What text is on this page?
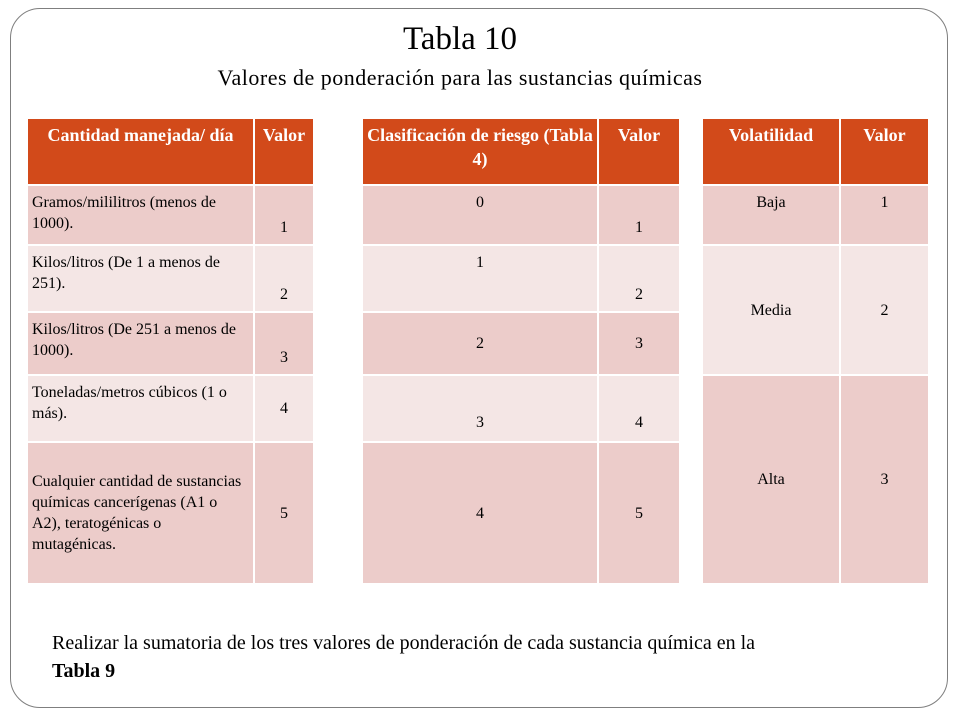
Tabla 10
Valores de ponderación para las sustancias químicas
Cantidad manejada/ día	Valor
Gramos/mililitros (menos de 1000).	1
Kilos/litros (De 1 a menos de 251).	2
Kilos/litros (De 251 a menos de 1000).	3
Toneladas/metros cúbicos (1 o más).	4
Cualquier cantidad de sustancias químicas cancerígenas (A1 o A2), teratogénicas o mutagénicas.	5
Clasificación de riesgo (Tabla 4)	Valor
0	1
1	2
2	3
3	4
4	5
Volatilidad	Valor
Baja	1
Media	2
Alta	3
Realizar la sumatoria de los tres valores de ponderación de cada sustancia química en la
Tabla 9
